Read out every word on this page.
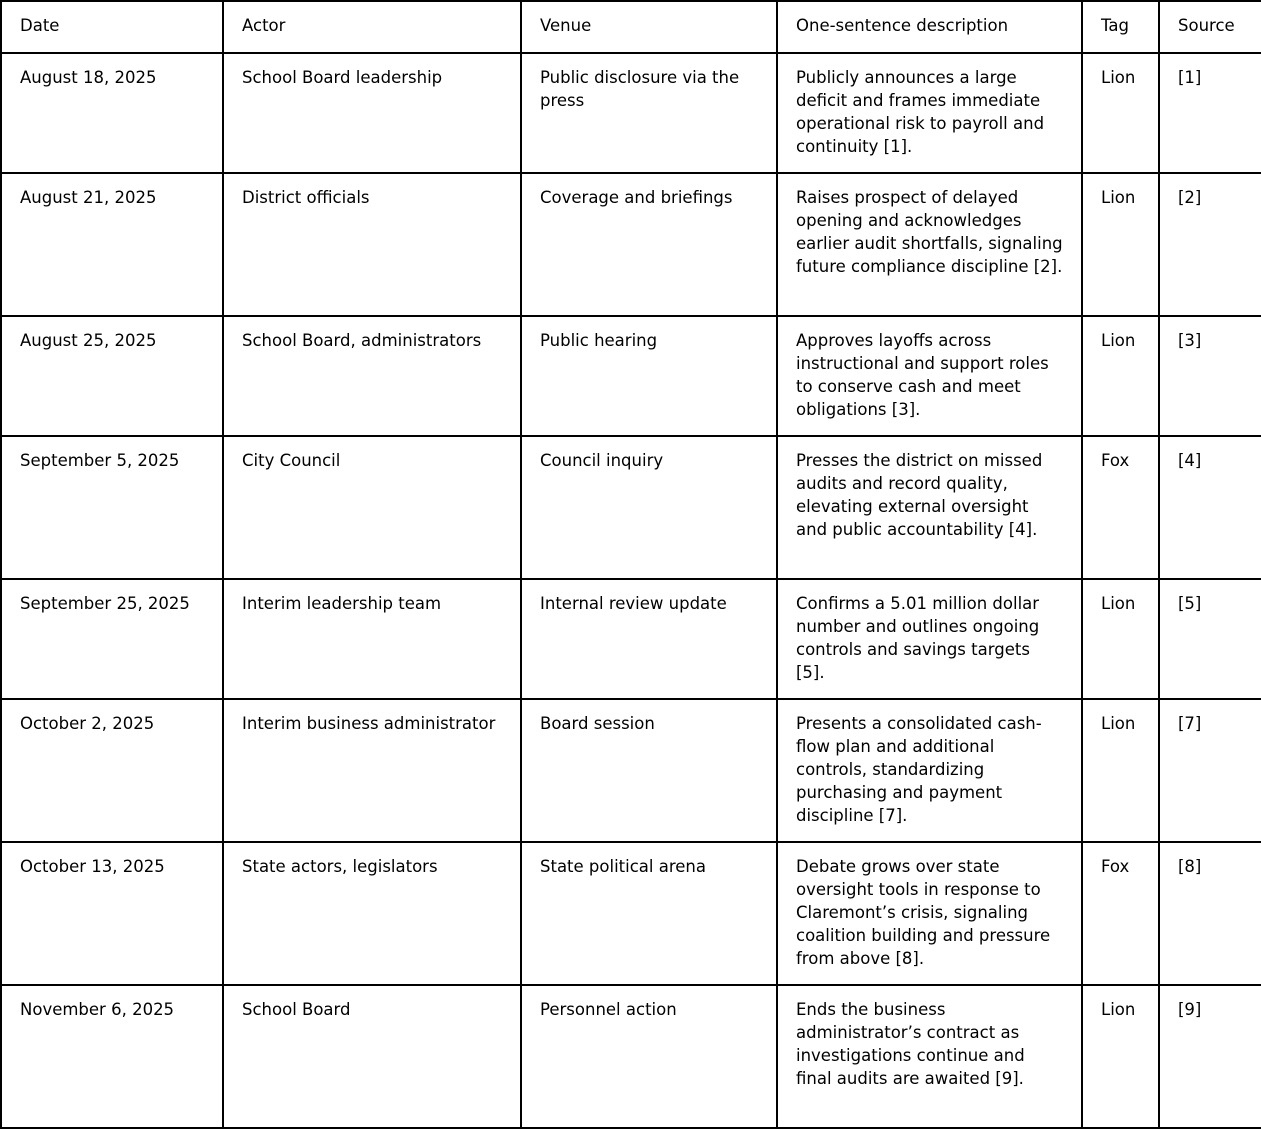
Date	Actor	Venue	One-sentence description	Tag	Source
August 18, 2025	School Board leadership	Public disclosure via the press	Publicly announces a large deficit and frames immediate operational risk to payroll and continuity [1].	Lion	[1]
August 21, 2025	District officials	Coverage and briefings	Raises prospect of delayed opening and acknowledges earlier audit shortfalls, signaling future compliance discipline [2].	Lion	[2]
August 25, 2025	School Board, administrators	Public hearing	Approves layoffs across instructional and support roles to conserve cash and meet obligations [3].	Lion	[3]
September 5, 2025	City Council	Council inquiry	Presses the district on missed audits and record quality, elevating external oversight and public accountability [4].	Fox	[4]
September 25, 2025	Interim leadership team	Internal review update	Confirms a 5.01 million dollar number and outlines ongoing controls and savings targets [5].	Lion	[5]
October 2, 2025	Interim business administrator	Board session	Presents a consolidated cash-flow plan and additional controls, standardizing purchasing and payment discipline [7].	Lion	[7]
October 13, 2025	State actors, legislators	State political arena	Debate grows over state oversight tools in response to Claremont’s crisis, signaling coalition building and pressure from above [8].	Fox	[8]
November 6, 2025	School Board	Personnel action	Ends the business administrator’s contract as investigations continue and final audits are awaited [9].	Lion	[9]
